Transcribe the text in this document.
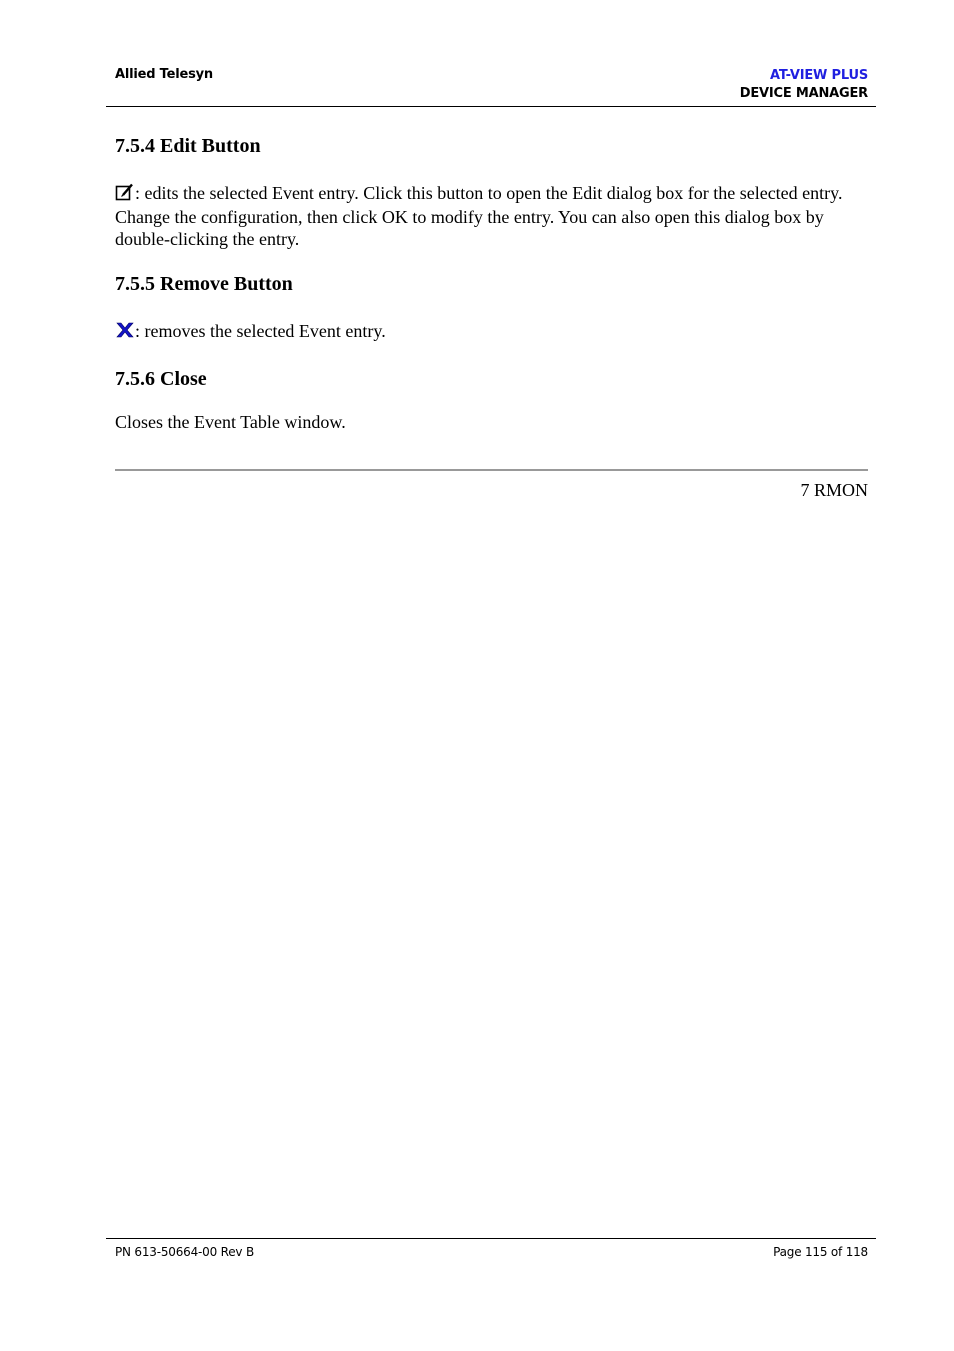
Allied Telesyn	AT-VIEW PLUS
DEVICE MANAGER
7.5.4 Edit Button

: edits the selected Event entry. Click this button to open the Edit dialog box for the selected entry. Change the configuration, then click OK to modify the entry. You can also open this dialog box by double-clicking the entry.

7.5.5 Remove Button

: removes the selected Event entry.

7.5.6 Close

Closes the Event Table window.

7 RMON
PN 613-50664-00 Rev B	Page 115 of 118
